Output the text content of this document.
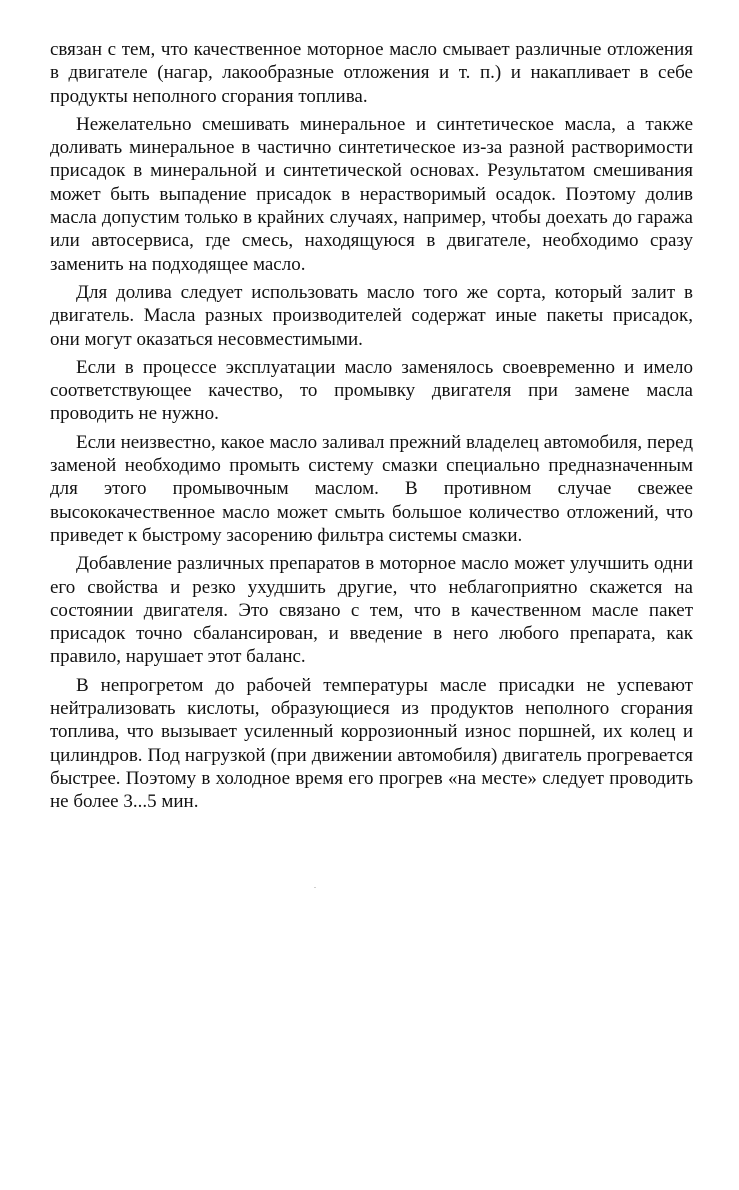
связан с тем, что качественное моторное масло смывает различные отложения в двигателе (нагар, лакообразные отложения и т. п.) и накапливает в себе продукты неполного сгорания топлива.

Нежелательно смешивать минеральное и синтетическое масла, а также доливать минеральное в частично синтетическое из-за разной растворимости присадок в минеральной и синтетической основах. Результатом смешивания может быть выпадение присадок в нерастворимый осадок. Поэтому долив масла допустим только в крайних случаях, например, чтобы доехать до гаража или автосервиса, где смесь, находящуюся в двигателе, необходимо сразу заменить на подходящее масло.

Для долива следует использовать масло того же сорта, который залит в двигатель. Масла разных производителей содержат иные пакеты присадок, они могут оказаться несовместимыми.

Если в процессе эксплуатации масло заменялось своевременно и имело соответствующее качество, то промывку двигателя при замене масла проводить не нужно.

Если неизвестно, какое масло заливал прежний владелец автомобиля, перед заменой необходимо промыть систему смазки специально предназначенным для этого промывочным маслом. В противном случае свежее высококачественное масло может смыть большое количество отложений, что приведет к быстрому засорению фильтра системы смазки.

Добавление различных препаратов в моторное масло может улучшить одни его свойства и резко ухудшить другие, что неблагоприятно скажется на состоянии двигателя. Это связано с тем, что в качественном масле пакет присадок точно сбалансирован, и введение в него любого препарата, как правило, нарушает этот баланс.

В непрогретом до рабочей температуры масле присадки не успевают нейтрализовать кислоты, образующиеся из продуктов неполного сгорания топлива, что вызывает усиленный коррозионный износ поршней, их колец и цилиндров. Под нагрузкой (при движении автомобиля) двигатель прогревается быстрее. Поэтому в холодное время его прогрев «на месте» следует проводить не более 3...5 мин.
